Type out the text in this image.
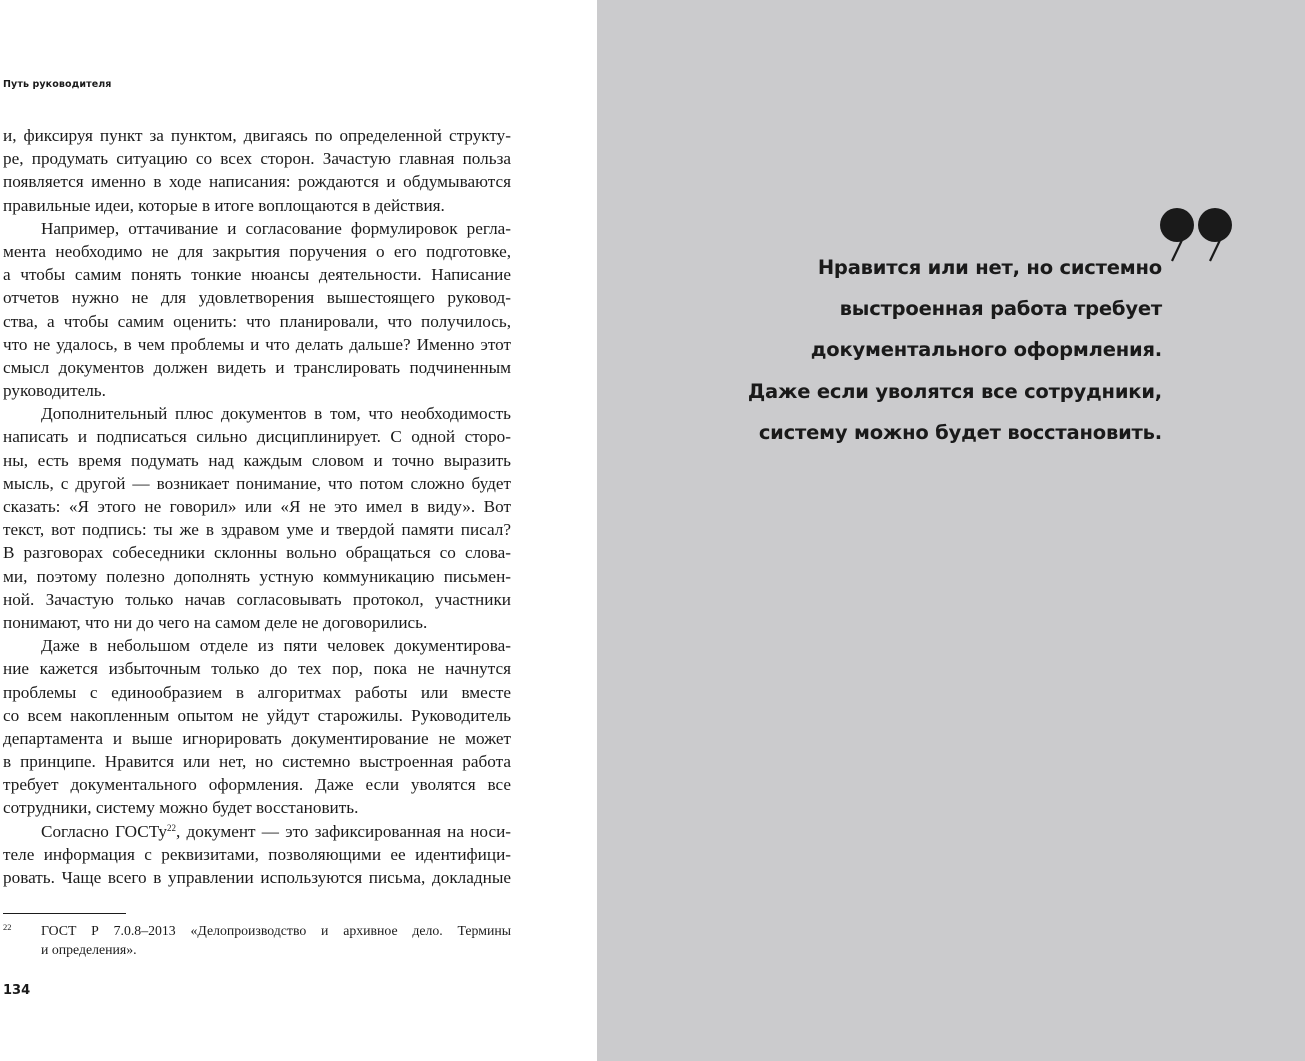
Путь руководителя
и, фиксируя пункт за пунктом, двигаясь по определенной структу-
ре, продумать ситуацию со всех сторон. Зачастую главная польза
появляется именно в ходе написания: рождаются и обдумываются
правильные идеи, которые в итоге воплощаются в действия.
Например, оттачивание и согласование формулировок регла-
мента необходимо не для закрытия поручения о его подготовке,
а чтобы самим понять тонкие нюансы деятельности. Написание
отчетов нужно не для удовлетворения вышестоящего руковод-
ства, а чтобы самим оценить: что планировали, что получилось,
что не удалось, в чем проблемы и что делать дальше? Именно этот
смысл документов должен видеть и транслировать подчиненным
руководитель.
Дополнительный плюс документов в том, что необходимость
написать и подписаться сильно дисциплинирует. С одной сторо-
ны, есть время подумать над каждым словом и точно выразить
мысль, с другой — возникает понимание, что потом сложно будет
сказать: «Я этого не говорил» или «Я не это имел в виду». Вот
текст, вот подпись: ты же в здравом уме и твердой памяти писал?
В разговорах собеседники склонны вольно обращаться со слова-
ми, поэтому полезно дополнять устную коммуникацию письмен-
ной. Зачастую только начав согласовывать протокол, участники
понимают, что ни до чего на самом деле не договорились.
Даже в небольшом отделе из пяти человек документирова-
ние кажется избыточным только до тех пор, пока не начнутся
проблемы с единообразием в алгоритмах работы или вместе
со всем накопленным опытом не уйдут старожилы. Руководитель
департамента и выше игнорировать документирование не может
в принципе. Нравится или нет, но системно выстроенная работа
требует документального оформления. Даже если уволятся все
сотрудники, систему можно будет восстановить.
Согласно ГОСТу$^{22}$, документ — это зафиксированная на носи-
теле информация с реквизитами, позволяющими ее идентифици-
ровать. Чаще всего в управлении используются письма, докладные
22 ГОСТ Р 7.0.8–2013 «Делопроизводство и архивное дело. Термины
и определения».
134
Нравится или нет, но системно
выстроенная работа требует
документального оформления.
Даже если уволятся все сотрудники,
систему можно будет восстановить.
